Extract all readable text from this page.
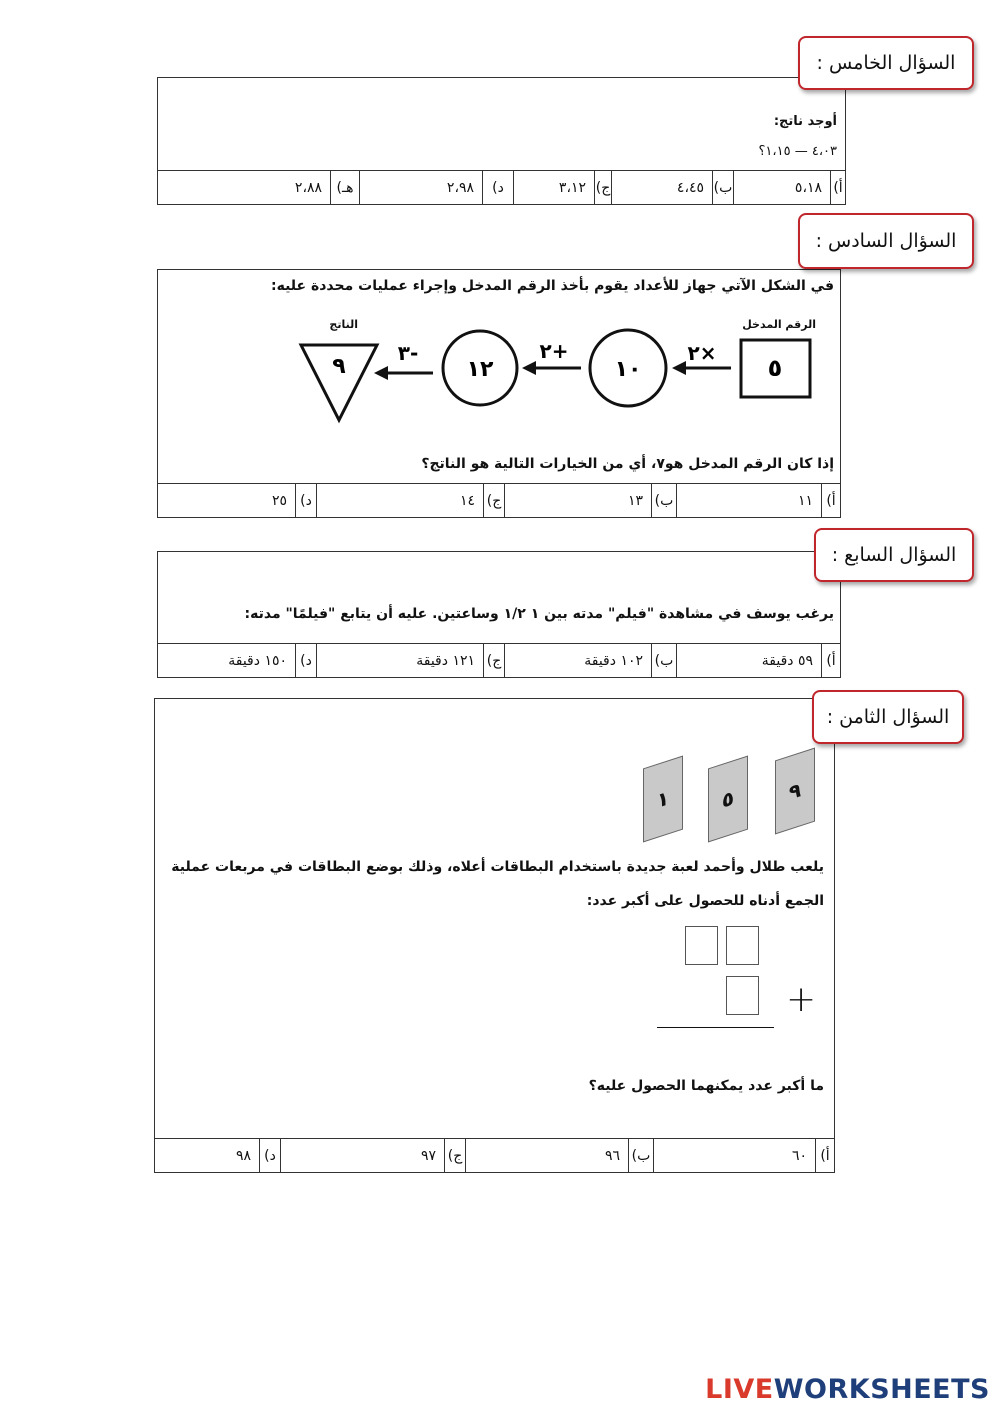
أوجد ناتج:
٤،٠٣ — ١،١٥؟
أ)
٥،١٨
ب)
٤،٤٥
ج)
٣،١٢
د)
٢،٩٨
هـ)
٢،٨٨
السؤال الخامس :
في الشكل الآتي جهاز للأعداد يقوم بأخذ الرقم المدخل وإجراء عمليات محددة عليه:
الرقم المدخل
الناتج
٥
٢×
١٠
٢+
١٢
٣-
٩
إذا كان الرقم المدخل هو٧، أي من الخيارات التالية هو الناتج؟
أ)
١١
ب)
١٣
ج)
١٤
د)
٢٥
السؤال السادس :
يرغب يوسف في مشاهدة "فيلم" مدته بين ١ ١/٢ وساعتين. عليه أن يتابع "فيلمًا" مدته:
أ)
٥٩ دقيقة
ب)
١٠٢ دقيقة
ج)
١٢١ دقيقة
د)
١٥٠ دقيقة
السؤال السابع :
٩
٥
١
يلعب طلال وأحمد لعبة جديدة باستخدام البطاقات أعلاه، وذلك بوضع البطاقات في مربعات عملية
الجمع أدناه للحصول على أكبر عدد:
+
ما أكبر عدد يمكنهما الحصول عليه؟
أ)
٦٠
ب)
٩٦
ج)
٩٧
د)
٩٨
السؤال الثامن :
LIVEWORKSHEETS
